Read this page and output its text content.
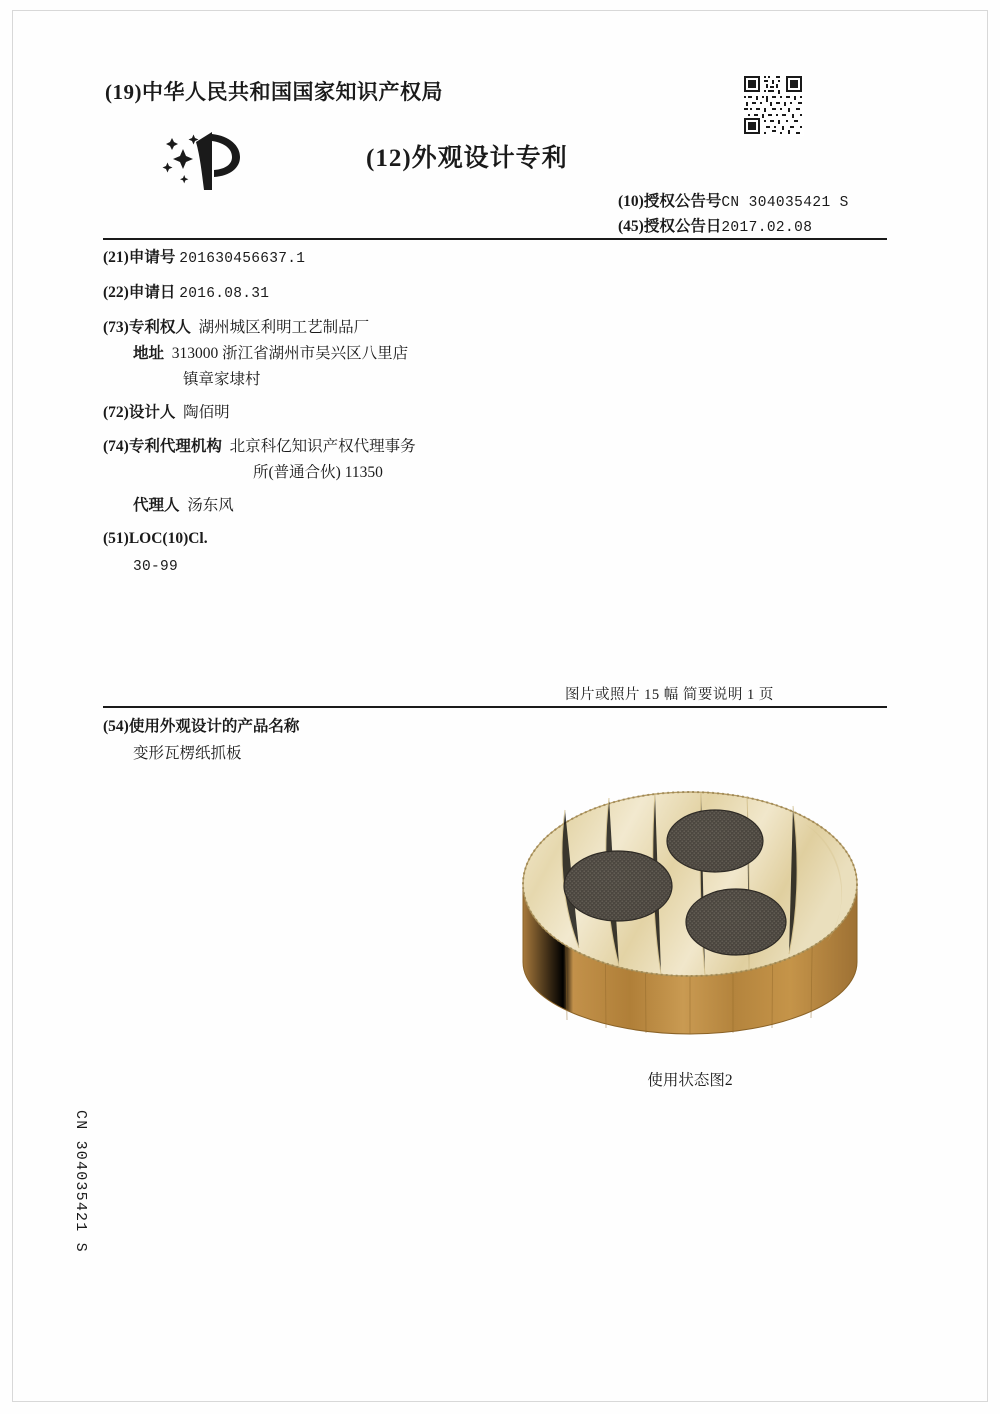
(19)中华人民共和国国家知识产权局
(12)外观设计专利
(10)授权公告号CN 304035421 S
(45)授权公告日2017.02.08
(21)申请号 201630456637.1
(22)申请日 2016.08.31
(73)专利权人 湖州城区利明工艺制品厂
地址 313000 浙江省湖州市吴兴区八里店
镇章家埭村
(72)设计人 陶佰明
(74)专利代理机构 北京科亿知识产权代理事务
所(普通合伙) 11350
代理人 汤东风
(51)LOC(10)Cl.
30-99
图片或照片 15 幅 简要说明 1 页
(54)使用外观设计的产品名称
变形瓦楞纸抓板
使用状态图2
CN 304035421 S
